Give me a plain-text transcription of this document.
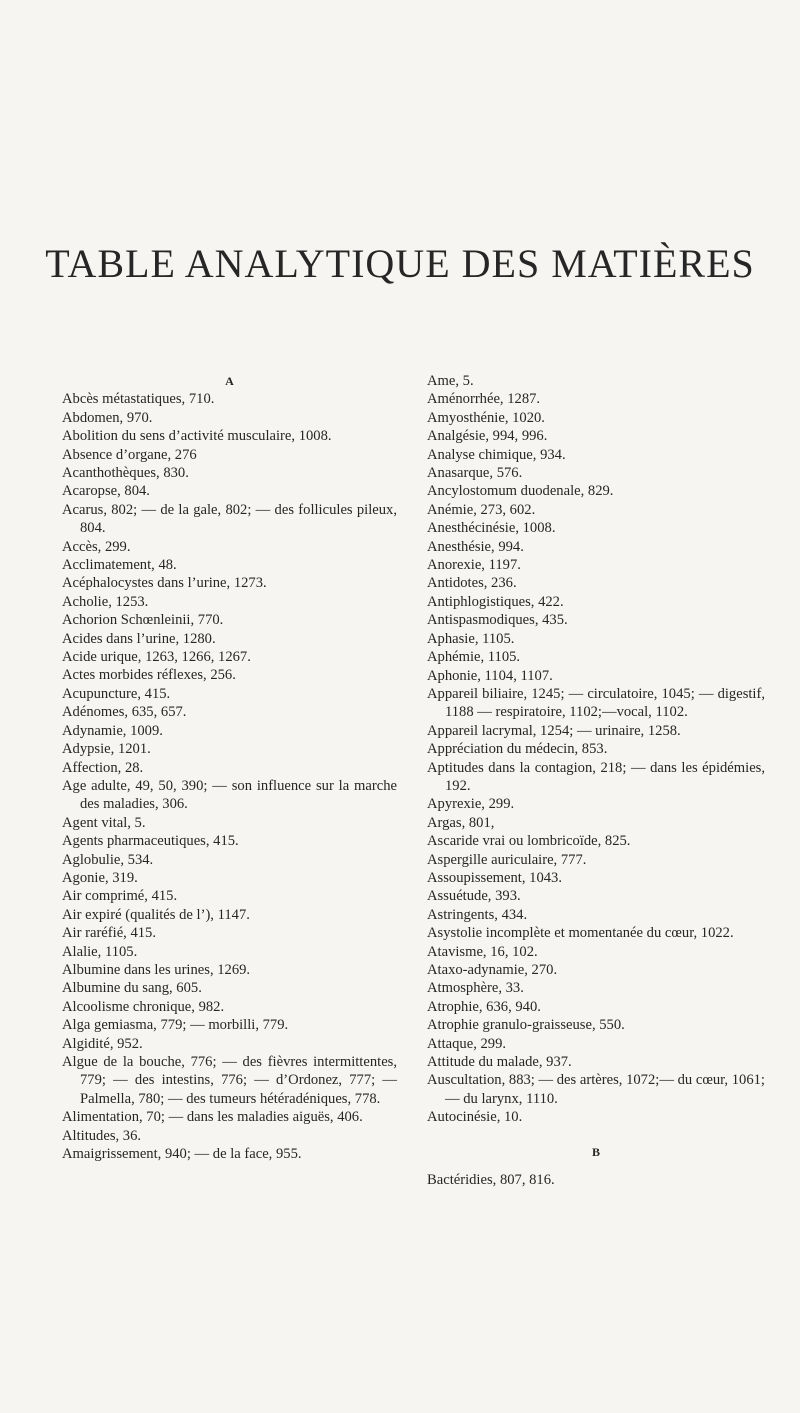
TABLE ANALYTIQUE DES MATIÈRES
A

Abcès métastatiques, 710.

Abdomen, 970.

Abolition du sens d’activité musculaire, 1008.

Absence d’organe, 276

Acanthothèques, 830.

Acaropse, 804.

Acarus, 802; — de la gale, 802; — des follicules pileux, 804.

Accès, 299.

Acclimatement, 48.

Acéphalocystes dans l’urine, 1273.

Acholie, 1253.

Achorion Schœnleinii, 770.

Acides dans l’urine, 1280.

Acide urique, 1263, 1266, 1267.

Actes morbides réflexes, 256.

Acupuncture, 415.

Adénomes, 635, 657.

Adynamie, 1009.

Adypsie, 1201.

Affection, 28.

Age adulte, 49, 50, 390; — son influence sur la marche des maladies, 306.

Agent vital, 5.

Agents pharmaceutiques, 415.

Aglobulie, 534.

Agonie, 319.

Air comprimé, 415.

Air expiré (qualités de l’), 1147.

Air raréfié, 415.

Alalie, 1105.

Albumine dans les urines, 1269.

Albumine du sang, 605.

Alcoolisme chronique, 982.

Alga gemiasma, 779; — morbilli, 779.

Algidité, 952.

Algue de la bouche, 776; — des fièvres intermittentes, 779; — des intestins, 776; — d’Ordonez, 777; — Palmella, 780; — des tumeurs hétéradéniques, 778.

Alimentation, 70; — dans les maladies aiguës, 406.

Altitudes, 36.

Amaigrissement, 940; — de la face, 955.

Ame, 5.

Aménorrhée, 1287.

Amyosthénie, 1020.

Analgésie, 994, 996.

Analyse chimique, 934.

Anasarque, 576.

Ancylostomum duodenale, 829.

Anémie, 273, 602.

Anesthécinésie, 1008.

Anesthésie, 994.

Anorexie, 1197.

Antidotes, 236.

Antiphlogistiques, 422.

Antispasmodiques, 435.

Aphasie, 1105.

Aphémie, 1105.

Aphonie, 1104, 1107.

Appareil biliaire, 1245; — circulatoire, 1045; — digestif, 1188 — respiratoire, 1102;—vocal, 1102.

Appareil lacrymal, 1254; — urinaire, 1258.

Appréciation du médecin, 853.

Aptitudes dans la contagion, 218; — dans les épidémies, 192.

Apyrexie, 299.

Argas, 801,

Ascaride vrai ou lombricoïde, 825.

Aspergille auriculaire, 777.

Assoupissement, 1043.

Assuétude, 393.

Astringents, 434.

Asystolie incomplète et momentanée du cœur, 1022.

Atavisme, 16, 102.

Ataxo-adynamie, 270.

Atmosphère, 33.

Atrophie, 636, 940.

Atrophie granulo-graisseuse, 550.

Attaque, 299.

Attitude du malade, 937.

Auscultation, 883; — des artères, 1072;— du cœur, 1061; — du larynx, 1110.

Autocinésie, 10.

B

Bactéridies, 807, 816.
